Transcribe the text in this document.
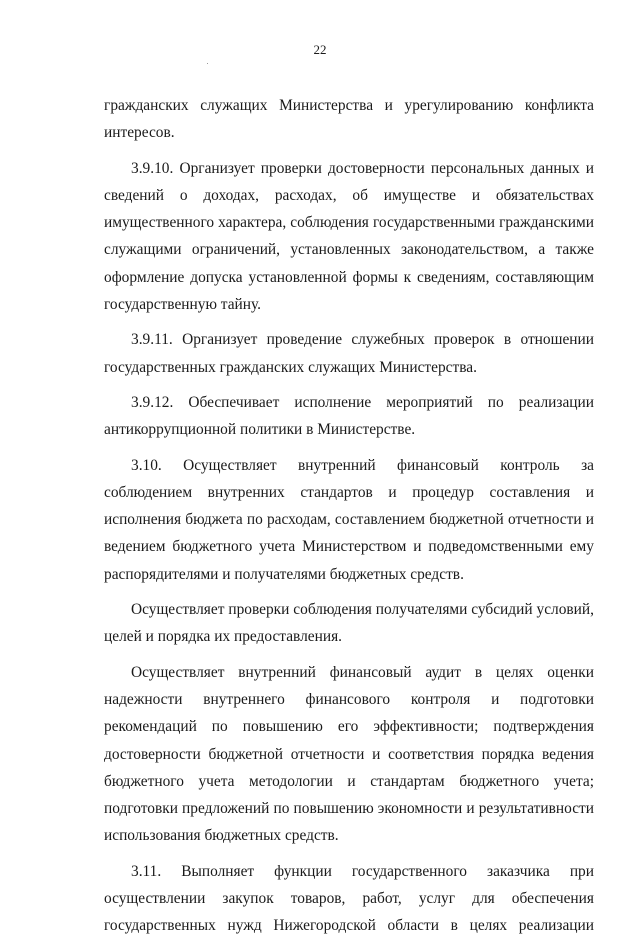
22
гражданских служащих Министерства и урегулированию конфликта
интересов.
3.9.10. Организует проверки достоверности персональных данных и
сведений о доходах, расходах, об имуществе и обязательствах
имущественного характера, соблюдения государственными гражданскими
служащими ограничений, установленных законодательством, а также
оформление допуска установленной формы к сведениям, составляющим
государственную тайну.
3.9.11. Организует проведение служебных проверок в отношении
государственных гражданских служащих Министерства.
3.9.12. Обеспечивает исполнение мероприятий по реализации
антикоррупционной политики в Министерстве.
3.10. Осуществляет внутренний финансовый контроль за
соблюдением внутренних стандартов и процедур составления и
исполнения бюджета по расходам, составлением бюджетной отчетности и
ведением бюджетного учета Министерством и подведомственными ему
распорядителями и получателями бюджетных средств.
Осуществляет проверки соблюдения получателями субсидий условий,
целей и порядка их предоставления.
Осуществляет внутренний финансовый аудит в целях оценки
надежности внутреннего финансового контроля и подготовки
рекомендаций по повышению его эффективности; подтверждения
достоверности бюджетной отчетности и соответствия порядка ведения
бюджетного учета методологии и стандартам бюджетного учета;
подготовки предложений по повышению экономности и результативности
использования бюджетных средств.
3.11. Выполняет функции государственного заказчика при
осуществлении закупок товаров, работ, услуг для обеспечения
государственных нужд Нижегородской области в целях реализации
